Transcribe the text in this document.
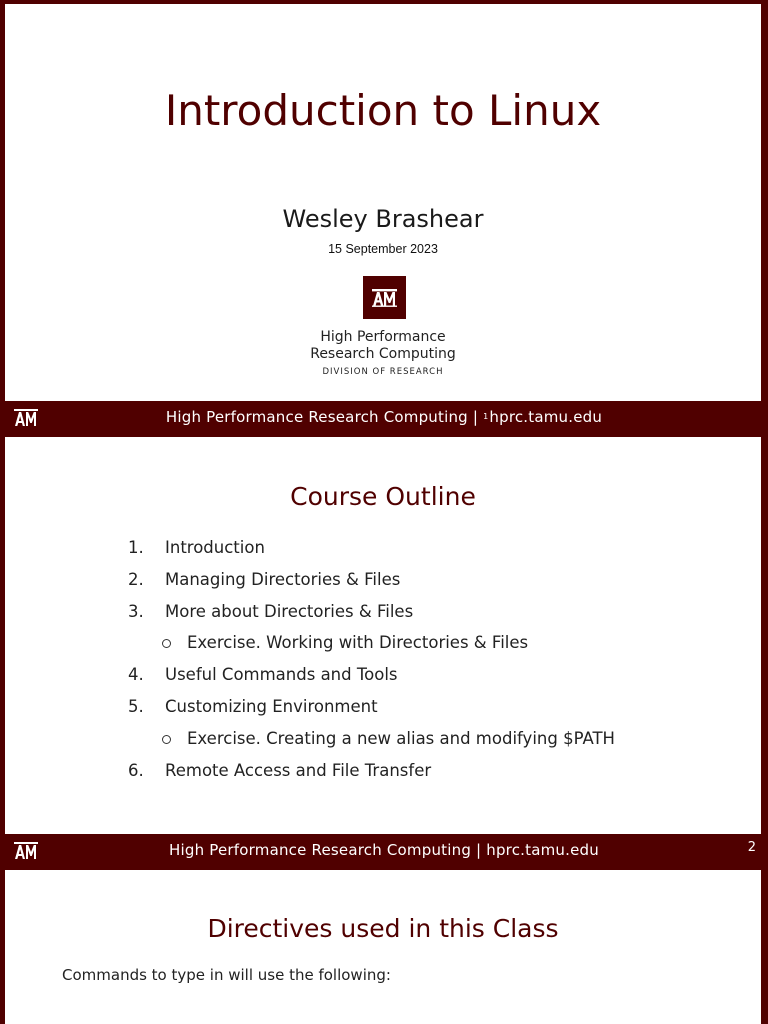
Introduction to Linux
Wesley Brashear
15 September 2023
High Performance
Research Computing
DIVISION OF RESEARCH
High Performance Research Computing | $^1$hprc.tamu.edu
Course Outline
1.	Introduction
2.	Managing Directories & Files
3.	More about Directories & Files
Exercise. Working with Directories & Files
4.	Useful Commands and Tools
5.	Customizing Environment
Exercise. Creating a new alias and modifying $PATH
6.	Remote Access and File Transfer
High Performance Research Computing | hprc.tamu.edu	2
Directives used in this Class
Commands to type in will use the following:
